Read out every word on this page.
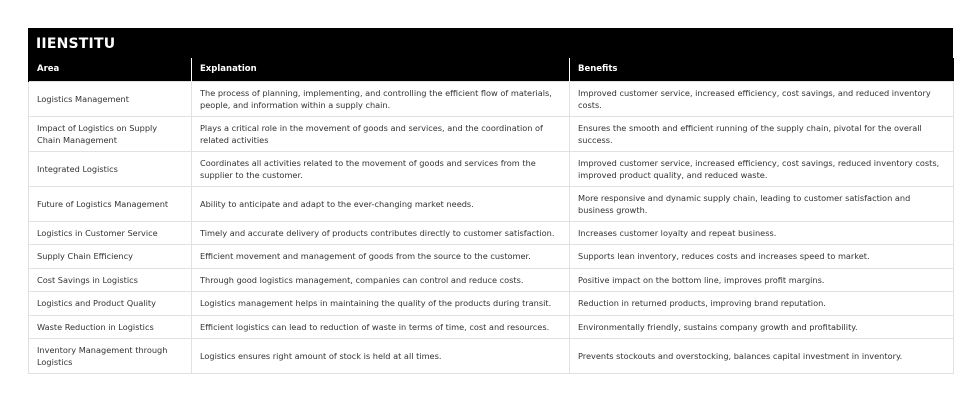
IIENSTITU
Area	Explanation	Benefits
Logistics Management	The process of planning, implementing, and controlling the efficient flow of materials, people, and information within a supply chain.	Improved customer service, increased efficiency, cost savings, and reduced inventory costs.
Impact of Logistics on Supply Chain Management	Plays a critical role in the movement of goods and services, and the coordination of related activities	Ensures the smooth and efficient running of the supply chain, pivotal for the overall success.
Integrated Logistics	Coordinates all activities related to the movement of goods and services from the supplier to the customer.	Improved customer service, increased efficiency, cost savings, reduced inventory costs, improved product quality, and reduced waste.
Future of Logistics Management	Ability to anticipate and adapt to the ever-changing market needs.	More responsive and dynamic supply chain, leading to customer satisfaction and business growth.
Logistics in Customer Service	Timely and accurate delivery of products contributes directly to customer satisfaction.	Increases customer loyalty and repeat business.
Supply Chain Efficiency	Efficient movement and management of goods from the source to the customer.	Supports lean inventory, reduces costs and increases speed to market.
Cost Savings in Logistics	Through good logistics management, companies can control and reduce costs.	Positive impact on the bottom line, improves profit margins.
Logistics and Product Quality	Logistics management helps in maintaining the quality of the products during transit.	Reduction in returned products, improving brand reputation.
Waste Reduction in Logistics	Efficient logistics can lead to reduction of waste in terms of time, cost and resources.	Environmentally friendly, sustains company growth and profitability.
Inventory Management through Logistics	Logistics ensures right amount of stock is held at all times.	Prevents stockouts and overstocking, balances capital investment in inventory.
